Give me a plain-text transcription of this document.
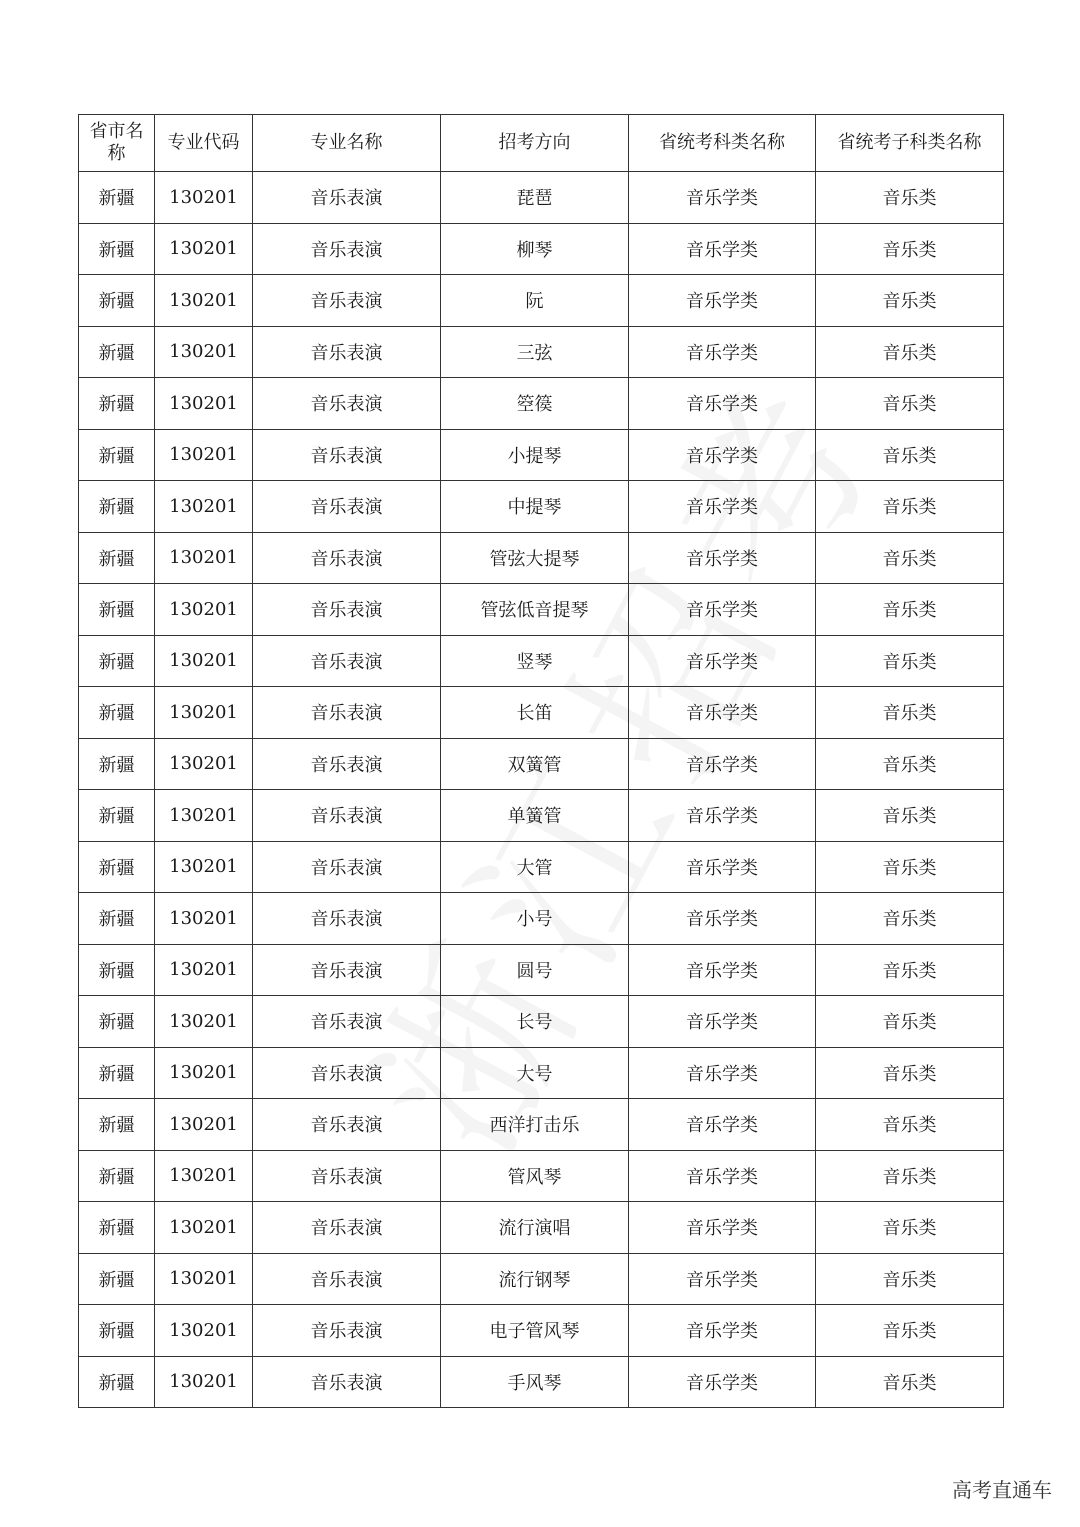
省市名称	专业代码	专业名称	招考方向	省统考科类名称	省统考子科类名称
新疆	130201	音乐表演	琵琶	音乐学类	音乐类
新疆	130201	音乐表演	柳琴	音乐学类	音乐类
新疆	130201	音乐表演	阮	音乐学类	音乐类
新疆	130201	音乐表演	三弦	音乐学类	音乐类
新疆	130201	音乐表演	箜篌	音乐学类	音乐类
新疆	130201	音乐表演	小提琴	音乐学类	音乐类
新疆	130201	音乐表演	中提琴	音乐学类	音乐类
新疆	130201	音乐表演	管弦大提琴	音乐学类	音乐类
新疆	130201	音乐表演	管弦低音提琴	音乐学类	音乐类
新疆	130201	音乐表演	竖琴	音乐学类	音乐类
新疆	130201	音乐表演	长笛	音乐学类	音乐类
新疆	130201	音乐表演	双簧管	音乐学类	音乐类
新疆	130201	音乐表演	单簧管	音乐学类	音乐类
新疆	130201	音乐表演	大管	音乐学类	音乐类
新疆	130201	音乐表演	小号	音乐学类	音乐类
新疆	130201	音乐表演	圆号	音乐学类	音乐类
新疆	130201	音乐表演	长号	音乐学类	音乐类
新疆	130201	音乐表演	大号	音乐学类	音乐类
新疆	130201	音乐表演	西洋打击乐	音乐学类	音乐类
新疆	130201	音乐表演	管风琴	音乐学类	音乐类
新疆	130201	音乐表演	流行演唱	音乐学类	音乐类
新疆	130201	音乐表演	流行钢琴	音乐学类	音乐类
新疆	130201	音乐表演	电子管风琴	音乐学类	音乐类
新疆	130201	音乐表演	手风琴	音乐学类	音乐类
高考直通车
